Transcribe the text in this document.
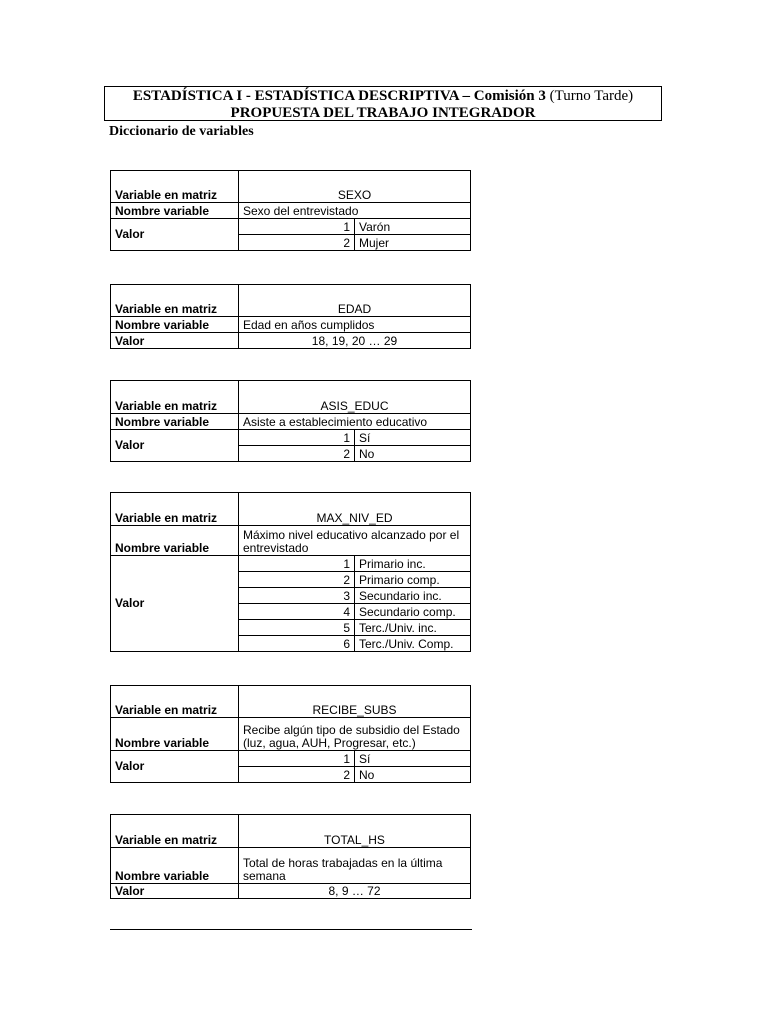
ESTADÍSTICA I - ESTADÍSTICA DESCRIPTIVA – Comisión 3 (Turno Tarde)
PROPUESTA DEL TRABAJO INTEGRADOR
Diccionario de variables
Variable en matriz	SEXO	
Nombre variable	Sexo del entrevistado	
Valor	1	Varón
	2	Mujer
Variable en matriz	EDAD
Nombre variable	Edad en años cumplidos
Valor	18, 19, 20 … 29
Variable en matriz	ASIS_EDUC	
Nombre variable	Asiste a establecimiento educativo	
Valor	1	Sí
	2	No
Variable en matriz	MAX_NIV_ED	
Nombre variable	Máximo nivel educativo alcanzado por el entrevistado	
Valor	1	Primario inc.
	2	Primario comp.
	3	Secundario inc.
	4	Secundario comp.
	5	Terc./Univ. inc.
	6	Terc./Univ. Comp.
Variable en matriz	RECIBE_SUBS	
Nombre variable	Recibe algún tipo de subsidio del Estado (luz, agua, AUH, Progresar, etc.)	
Valor	1	Sí
	2	No
Variable en matriz	TOTAL_HS
Nombre variable	Total de horas trabajadas en la última semana
Valor	8, 9 … 72
